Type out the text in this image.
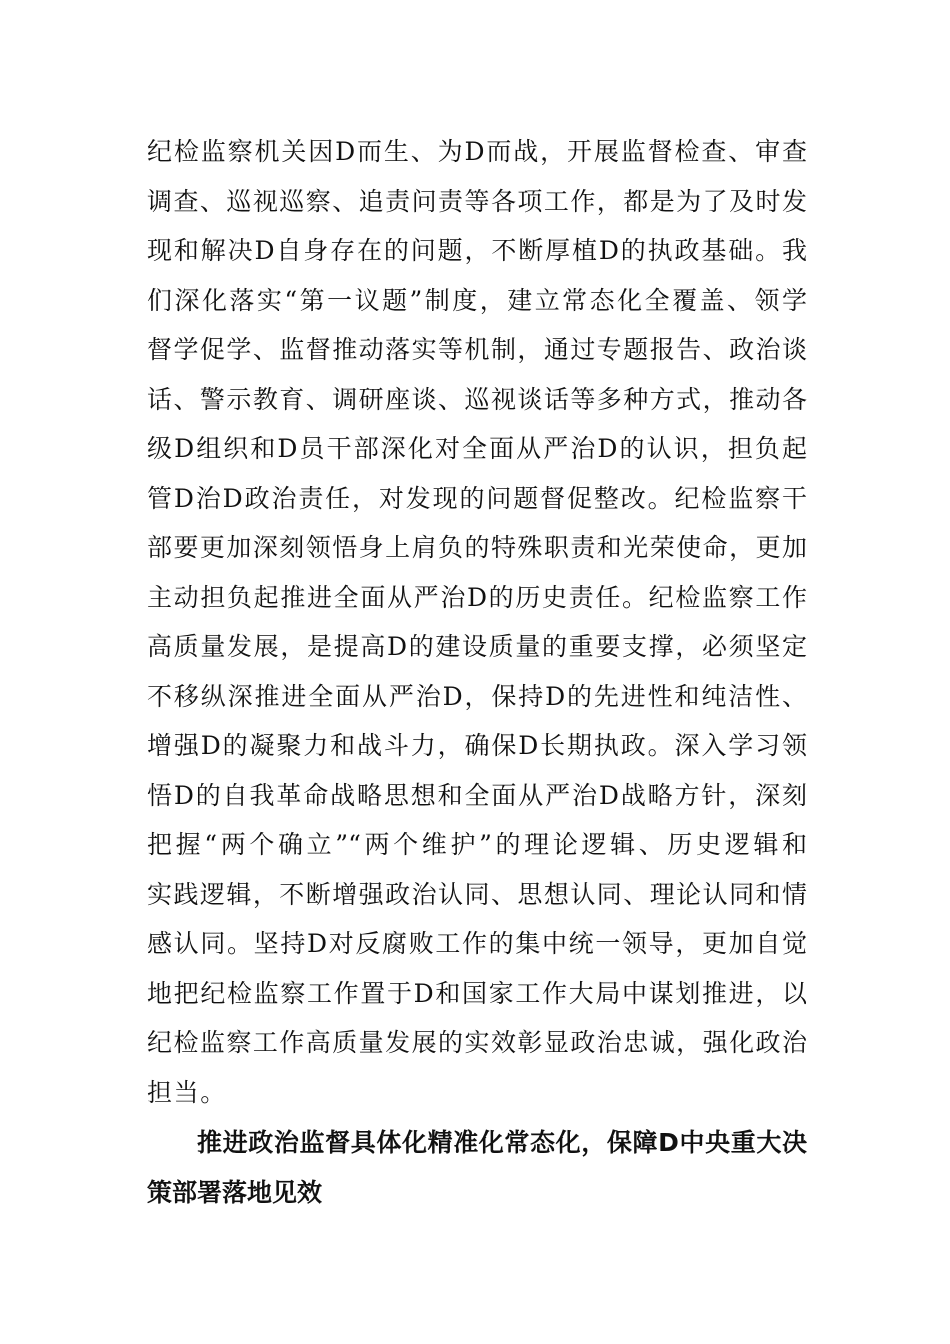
纪检监察机关因D而生、为D而战，开展监督检查、审查
调查、巡视巡察、追责问责等各项工作，都是为了及时发
现和解决D自身存在的问题，不断厚植D的执政基础。我
们深化落实“第一议题”制度，建立常态化全覆盖、领学
督学促学、监督推动落实等机制，通过专题报告、政治谈
话、警示教育、调研座谈、巡视谈话等多种方式，推动各
级D组织和D员干部深化对全面从严治D的认识，担负起
管D治D政治责任，对发现的问题督促整改。纪检监察干
部要更加深刻领悟身上肩负的特殊职责和光荣使命，更加
主动担负起推进全面从严治D的历史责任。纪检监察工作
高质量发展，是提高D的建设质量的重要支撑，必须坚定
不移纵深推进全面从严治D，保持D的先进性和纯洁性、
增强D的凝聚力和战斗力，确保D长期执政。深入学习领
悟D的自我革命战略思想和全面从严治D战略方针，深刻
把握“两个确立”“两个维护”的理论逻辑、历史逻辑和
实践逻辑，不断增强政治认同、思想认同、理论认同和情
感认同。坚持D对反腐败工作的集中统一领导，更加自觉
地把纪检监察工作置于D和国家工作大局中谋划推进，以
纪检监察工作高质量发展的实效彰显政治忠诚，强化政治
担当。
推进政治监督具体化精准化常态化，保障D中央重大决
策部署落地见效
